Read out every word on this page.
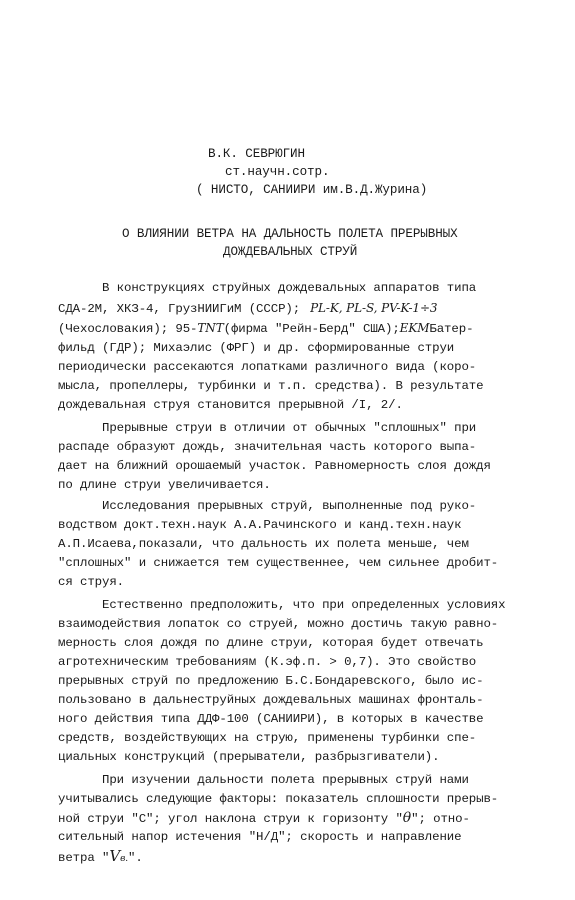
В.К. СЕВРЮГИН
ст.научн.сотр.
( НИСТО, САНИИРИ им.В.Д.Журина)
О ВЛИЯНИИ ВЕТРА НА ДАЛЬНОСТЬ ПОЛЕТА ПРЕРЫВНЫХ
ДОЖДЕВАЛЬНЫХ СТРУЙ
В конструкциях струйных дождевальных аппаратов типа
СДА-2М, ХКЗ-4, ГрузНИИГиМ (СССР); PL-K, PL-S, PV-K-1÷3
(Чехословакия); 95-TNT(фирма "Рейн-Берд" США);EKMБатер-
фильд (ГДР); Михаэлис (ФРГ) и др. сформированные струи
периодически рассекаются лопатками различного вида (коро-
мысла, пропеллеры, турбинки и т.п. средства). В результате
дождевальная струя становится прерывной /I, 2/.
Прерывные струи в отличии от обычных "сплошных" при
распаде образуют дождь, значительная часть которого выпа-
дает на ближний орошаемый участок. Равномерность слоя дождя
по длине струи увеличивается.
Исследования прерывных струй, выполненные под руко-
водством докт.техн.наук А.А.Рачинского и канд.техн.наук
А.П.Исаева,показали, что дальность их полета меньше, чем
"сплошных" и снижается тем существеннее, чем сильнее дробит-
ся струя.
Естественно предположить, что при определенных условиях
взаимодействия лопаток со струей, можно достичь такую равно-
мерность слоя дождя по длине струи, которая будет отвечать
агротехническим требованиям (К.эф.п. > 0,7). Это свойство
прерывных струй по предложению Б.С.Бондаревского, было ис-
пользовано в дальнеструйных дождевальных машинах фронталь-
ного действия типа ДДФ-100 (САНИИРИ), в которых в качестве
средств, воздействующих на струю, применены турбинки спе-
циальных конструкций (прерыватели, разбрызгиватели).
При изучении дальности полета прерывных струй нами
учитывались следующие факторы: показатель сплошности прерыв-
ной струи "С"; угол наклона струи к горизонту "θ"; отно-
сительный напор истечения "Н/Д"; скорость и направление
ветра "Vв.".
